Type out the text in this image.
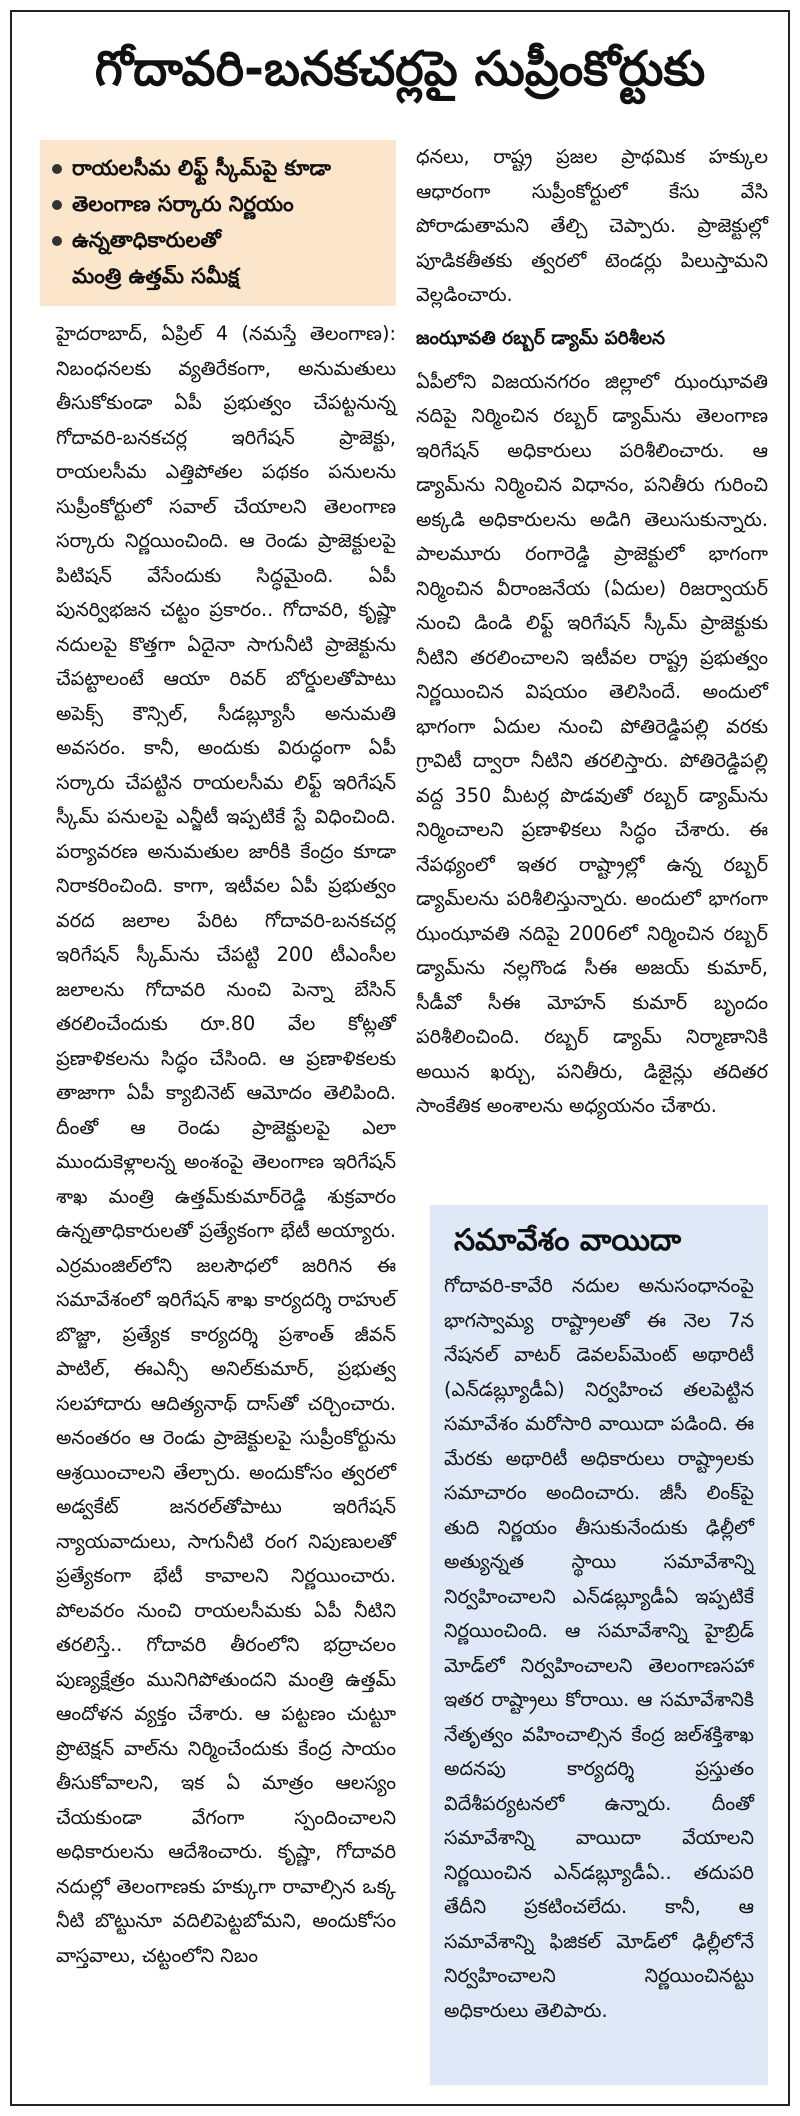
గోదావరి-బనకచర్లపై సుప్రీంకోర్టుకు
రాయలసీమ లిఫ్ట్ స్కీమ్‌పై కూడా
తెలంగాణ సర్కారు నిర్ణయం
ఉన్నతాధికారులతో
మంత్రి ఉత్తమ్ సమీక్ష

హైదరాబాద్, ఏప్రిల్ 4 (నమస్తే తెలంగాణ): నిబంధనలకు వ్యతిరేకంగా, అనుమతులు తీసుకోకుండా ఏపీ ప్రభుత్వం చేపట్టనున్న గోదావరి-బనకచర్ల ఇరిగేషన్ ప్రాజెక్టు, రాయలసీమ ఎత్తిపోతల పథకం పనులను సుప్రీంకోర్టులో సవాల్ చేయాలని తెలంగాణ సర్కారు నిర్ణయించింది. ఆ రెండు ప్రాజెక్టులపై పిటిషన్ వేసేందుకు సిద్ధమైంది. ఏపీ పునర్విభజన చట్టం ప్రకారం.. గోదావరి, కృష్ణా నదులపై కొత్తగా ఏదైనా సాగునీటి ప్రాజెక్టును చేపట్టాలంటే ఆయా రివర్ బోర్డులతోపాటు అపెక్స్ కౌన్సిల్, సీడబ్ల్యూసీ అనుమతి అవసరం. కానీ, అందుకు విరుద్ధంగా ఏపీ సర్కారు చేపట్టిన రాయలసీమ లిఫ్ట్ ఇరిగేషన్ స్కీమ్ పనులపై ఎన్జీటీ ఇప్పటికే స్టే విధించింది. పర్యావరణ అనుమతుల జారీకి కేంద్రం కూడా నిరాకరించింది. కాగా, ఇటీవల ఏపీ ప్రభుత్వం వరద జలాల పేరిట గోదావరి-బనకచర్ల ఇరిగేషన్ స్కీమ్‌ను చేపట్టి 200 టీఎంసీల జలాలను గోదావరి నుంచి పెన్నా బేసిన్ తరలించేందుకు రూ.80 వేల కోట్లతో ప్రణాళికలను సిద్ధం చేసింది. ఆ ప్రణాళికలకు తాజాగా ఏపీ క్యాబినెట్ ఆమోదం తెలిపింది. దీంతో ఆ రెండు ప్రాజెక్టులపై ఎలా ముందుకెళ్లాలన్న అంశంపై తెలంగాణ ఇరిగేషన్ శాఖ మంత్రి ఉత్తమ్‌కుమార్‌రెడ్డి శుక్రవారం ఉన్నతాధికారులతో ప్రత్యేకంగా భేటీ అయ్యారు. ఎర్రమంజిల్‌లోని జలసౌధలో జరిగిన ఈ సమావేశంలో ఇరిగేషన్ శాఖ కార్యదర్శి రాహుల్ బొజ్జా, ప్రత్యేక కార్యదర్శి ప్రశాంత్ జీవన్ పాటిల్, ఈఎన్సీ అనిల్‌కుమార్, ప్రభుత్వ సలహాదారు ఆదిత్యనాథ్ దాస్‌తో చర్చించారు. అనంతరం ఆ రెండు ప్రాజెక్టులపై సుప్రీంకోర్టును ఆశ్రయించాలని తేల్చారు. అందుకోసం త్వరలో అడ్వకేట్ జనరల్‌తోపాటు ఇరిగేషన్ న్యాయవాదులు, సాగునీటి రంగ నిపుణులతో ప్రత్యేకంగా భేటీ కావాలని నిర్ణయించారు. పోలవరం నుంచి రాయలసీమకు ఏపీ నీటిని తరలిస్తే.. గోదావరి తీరంలోని భద్రాచలం పుణ్యక్షేత్రం మునిగిపోతుందని మంత్రి ఉత్తమ్ ఆందోళన వ్యక్తం చేశారు. ఆ పట్టణం చుట్టూ ప్రొటెక్షన్ వాల్‌ను నిర్మించేందుకు కేంద్ర సాయం తీసుకోవాలని, ఇక ఏ మాత్రం ఆలస్యం చేయకుండా వేగంగా స్పందించాలని అధికారులను ఆదేశించారు. కృష్ణా, గోదావరి నదుల్లో తెలంగాణకు హక్కుగా రావాల్సిన ఒక్క నీటి బొట్టునూ వదిలిపెట్టబోమని, అందుకోసం వాస్తవాలు, చట్టంలోని నిబం

ధనలు, రాష్ట్ర ప్రజల ప్రాథమిక హక్కుల ఆధారంగా సుప్రీంకోర్టులో కేసు వేసి పోరాడుతామని తేల్చి చెప్పారు. ప్రాజెక్టుల్లో పూడికతీతకు త్వరలో టెండర్లు పిలుస్తామని వెల్లడించారు.

జంఝావతి రబ్బర్ డ్యామ్ పరిశీలన

ఏపీలోని విజయనగరం జిల్లాలో ఝంఝావతి నదిపై నిర్మించిన రబ్బర్ డ్యామ్‌ను తెలంగాణ ఇరిగేషన్ అధికారులు పరిశీలించారు. ఆ డ్యామ్‌ను నిర్మించిన విధానం, పనితీరు గురించి అక్కడి అధికారులను అడిగి తెలుసుకున్నారు. పాలమూరు రంగారెడ్డి ప్రాజెక్టులో భాగంగా నిర్మించిన వీరాంజనేయ (ఏదుల) రిజర్వాయర్ నుంచి డిండి లిఫ్ట్ ఇరిగేషన్ స్కీమ్ ప్రాజెక్టుకు నీటిని తరలించాలని ఇటీవల రాష్ట్ర ప్రభుత్వం నిర్ణయించిన విషయం తెలిసిందే. అందులో భాగంగా ఏదుల నుంచి పోతిరెడ్డిపల్లి వరకు గ్రావిటీ ద్వారా నీటిని తరలిస్తారు. పోతిరెడ్డిపల్లి వద్ద 350 మీటర్ల పొడవుతో రబ్బర్ డ్యామ్‌ను నిర్మించాలని ప్రణాళికలు సిద్ధం చేశారు. ఈ నేపథ్యంలో ఇతర రాష్ట్రాల్లో ఉన్న రబ్బర్ డ్యామ్‌లను పరిశీలిస్తున్నారు. అందులో భాగంగా ఝంఝావతి నదిపై 2006లో నిర్మించిన రబ్బర్ డ్యామ్‌ను నల్లగొండ సీఈ అజయ్ కుమార్, సీడీవో సీఈ మోహన్ కుమార్ బృందం పరిశీలించింది. రబ్బర్ డ్యామ్ నిర్మాణానికి అయిన ఖర్చు, పనితీరు, డిజైన్లు తదితర సాంకేతిక అంశాలను అధ్యయనం చేశారు.

సమావేశం వాయిదా

గోదావరి-కావేరి నదుల అనుసంధానంపై భాగస్వామ్య రాష్ట్రాలతో ఈ నెల 7న నేషనల్ వాటర్ డెవలప్‌మెంట్ అథారిటీ (ఎన్‌డబ్ల్యూడీఏ) నిర్వహించ తలపెట్టిన సమావేశం మరోసారి వాయిదా పడింది. ఈ మేరకు అథారిటీ అధికారులు రాష్ట్రాలకు సమాచారం అందించారు. జీసీ లింక్‌పై తుది నిర్ణయం తీసుకునేందుకు ఢిల్లీలో అత్యున్నత స్థాయి సమావేశాన్ని నిర్వహించాలని ఎన్‌డబ్ల్యూడీఏ ఇప్పటికే నిర్ణయించింది. ఆ సమావేశాన్ని హైబ్రిడ్ మోడ్‌లో నిర్వహించాలని తెలంగాణసహా ఇతర రాష్ట్రాలు కోరాయి. ఆ సమావేశానికి నేతృత్వం వహించాల్సిన కేంద్ర జల్‌శక్తిశాఖ అదనపు కార్యదర్శి ప్రస్తుతం విదేశీపర్యటనలో ఉన్నారు. దీంతో సమావేశాన్ని వాయిదా వేయాలని నిర్ణయించిన ఎన్‌డబ్ల్యూడీఏ.. తదుపరి తేదీని ప్రకటించలేదు. కానీ, ఆ సమావేశాన్ని ఫిజికల్ మోడ్‌లో ఢిల్లీలోనే నిర్వహించాలని నిర్ణయించినట్టు అధికారులు తెలిపారు.
